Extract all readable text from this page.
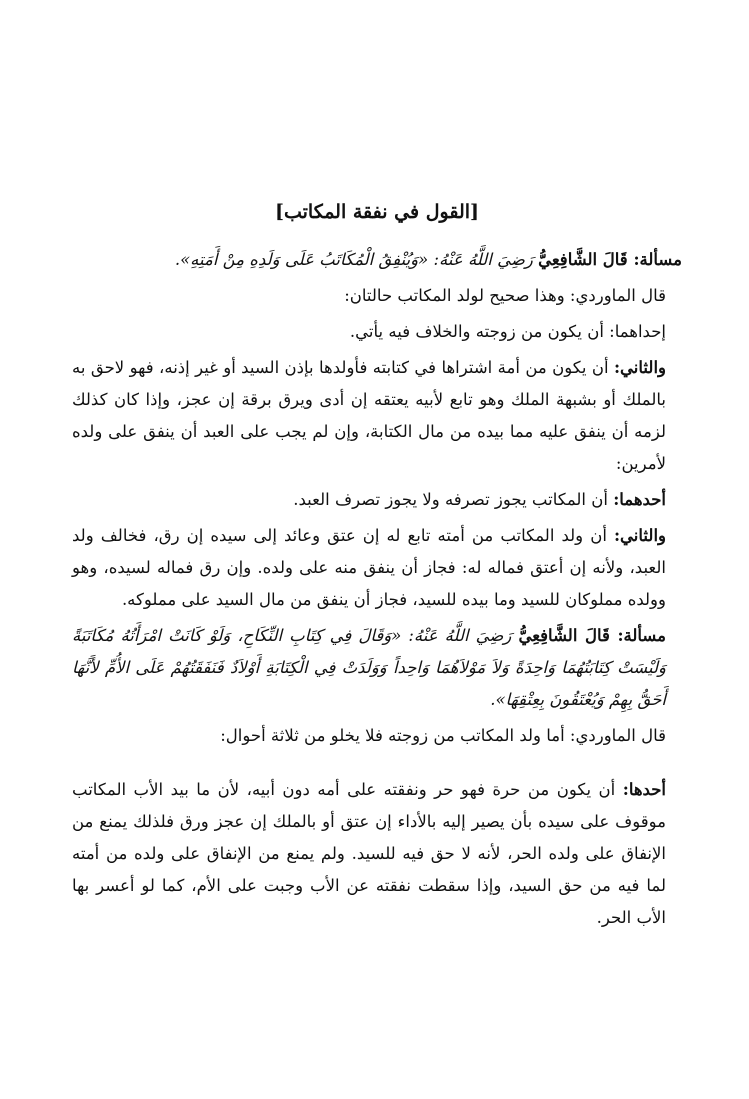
[القول في نفقة المكاتب]

مسألة: قَالَ الشَّافِعِيُّ رَضِيَ اللَّهُ عَنْهُ: «وَيُنْفِقُ الْمُكَاتَبُ عَلَى وَلَدِهِ مِنْ أَمَتِهِ».

قال الماوردي: وهذا صحيح لولد المكاتب حالتان:

إحداهما: أن يكون من زوجته والخلاف فيه يأتي.

والثاني: أن يكون من أمة اشتراها في كتابته فأولدها بإذن السيد أو غير إذنه، فهو لاحق به بالملك أو بشبهة الملك وهو تابع لأبيه يعتقه إن أدى ويرق برقة إن عجز، وإذا كان كذلك لزمه أن ينفق عليه مما بيده من مال الكتابة، وإن لم يجب على العبد أن ينفق على ولده لأمرين:

أحدهما: أن المكاتب يجوز تصرفه ولا يجوز تصرف العبد.

والثاني: أن ولد المكاتب من أمته تابع له إن عتق وعائد إلى سيده إن رق، فخالف ولد العبد، ولأنه إن أعتق فماله له: فجاز أن ينفق منه على ولده. وإن رق فماله لسيده، وهو وولده مملوكان للسيد وما بيده للسيد، فجاز أن ينفق من مال السيد على مملوكه.

مسألة: قَالَ الشَّافِعِيُّ رَضِيَ اللَّهُ عَنْهُ: «وَقَالَ فِي كِتَابِ النِّكَاحِ، وَلَوْ كَانَتْ امْرَأَتُهُ مُكَاتَبَةً وَلَيْسَتْ كِتَابَتُهُمَا وَاحِدَةً وَلاَ مَوْلاَهُمَا وَاحِداً وَوَلَدَتْ فِي الْكِتَابَةِ أَوْلاَدٌ فَنَفَقَتُهُمْ عَلَى الأُمِّ لأَنَّهَا أَحَقُّ بِهِمْ وَيُعْتَقُونَ بِعِتْقِهَا».

قال الماوردي: أما ولد المكاتب من زوجته فلا يخلو من ثلاثة أحوال:

أحدها: أن يكون من حرة فهو حر ونفقته على أمه دون أبيه، لأن ما بيد الأب المكاتب موقوف على سيده بأن يصير إليه بالأداء إن عتق أو بالملك إن عجز ورق فلذلك يمنع من الإنفاق على ولده الحر، لأنه لا حق فيه للسيد. ولم يمنع من الإنفاق على ولده من أمته لما فيه من حق السيد، وإذا سقطت نفقته عن الأب وجبت على الأم، كما لو أعسر بها الأب الحر.
